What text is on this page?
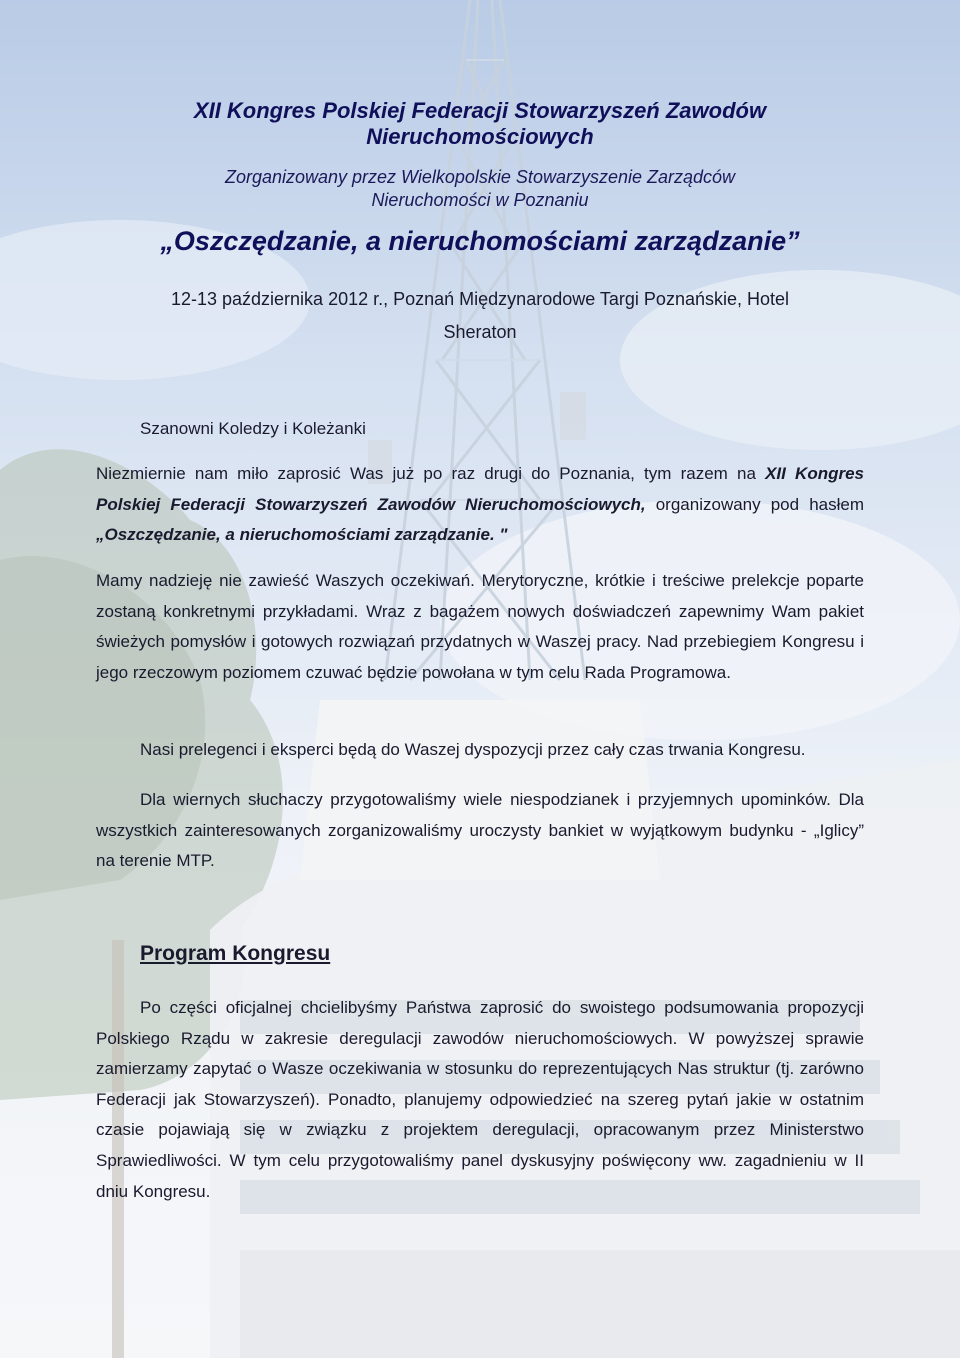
XII Kongres Polskiej Federacji Stowarzyszeń Zawodów
Nieruchomościowych
Zorganizowany przez Wielkopolskie Stowarzyszenie Zarządców
Nieruchomości w Poznaniu
„Oszczędzanie, a nieruchomościami zarządzanie”
12-13 października 2012 r., Poznań Międzynarodowe Targi Poznańskie, Hotel
Sheraton
Szanowni Koledzy i Koleżanki
Niezmiernie nam miło zaprosić Was już po raz drugi do Poznania, tym razem na XII Kongres Polskiej Federacji Stowarzyszeń Zawodów Nieruchomościowych, organizowany pod hasłem „Oszczędzanie, a nieruchomościami zarządzanie. "
Mamy nadzieję nie zawieść Waszych oczekiwań. Merytoryczne, krótkie i treściwe prelekcje poparte zostaną konkretnymi przykładami. Wraz z bagażem nowych doświadczeń zapewnimy Wam pakiet świeżych pomysłów i gotowych rozwiązań przydatnych w Waszej pracy. Nad przebiegiem Kongresu i jego rzeczowym poziomem czuwać będzie powołana w tym celu Rada Programowa.
Nasi prelegenci i eksperci będą do Waszej dyspozycji przez cały czas trwania Kongresu.
Dla wiernych słuchaczy przygotowaliśmy wiele niespodzianek i przyjemnych upominków. Dla wszystkich zainteresowanych zorganizowaliśmy uroczysty bankiet w wyjątkowym budynku - „Iglicy” na terenie MTP.
Program Kongresu
Po części oficjalnej chcielibyśmy Państwa zaprosić do swoistego podsumowania propozycji Polskiego Rządu w zakresie deregulacji zawodów nieruchomościowych. W powyższej sprawie zamierzamy zapytać o Wasze oczekiwania w stosunku do reprezentujących Nas struktur (tj. zarówno Federacji jak Stowarzyszeń). Ponadto, planujemy odpowiedzieć na szereg pytań jakie w ostatnim czasie pojawiają się w związku z projektem deregulacji, opracowanym przez Ministerstwo Sprawiedliwości. W tym celu przygotowaliśmy panel dyskusyjny poświęcony ww. zagadnieniu w II dniu Kongresu.
